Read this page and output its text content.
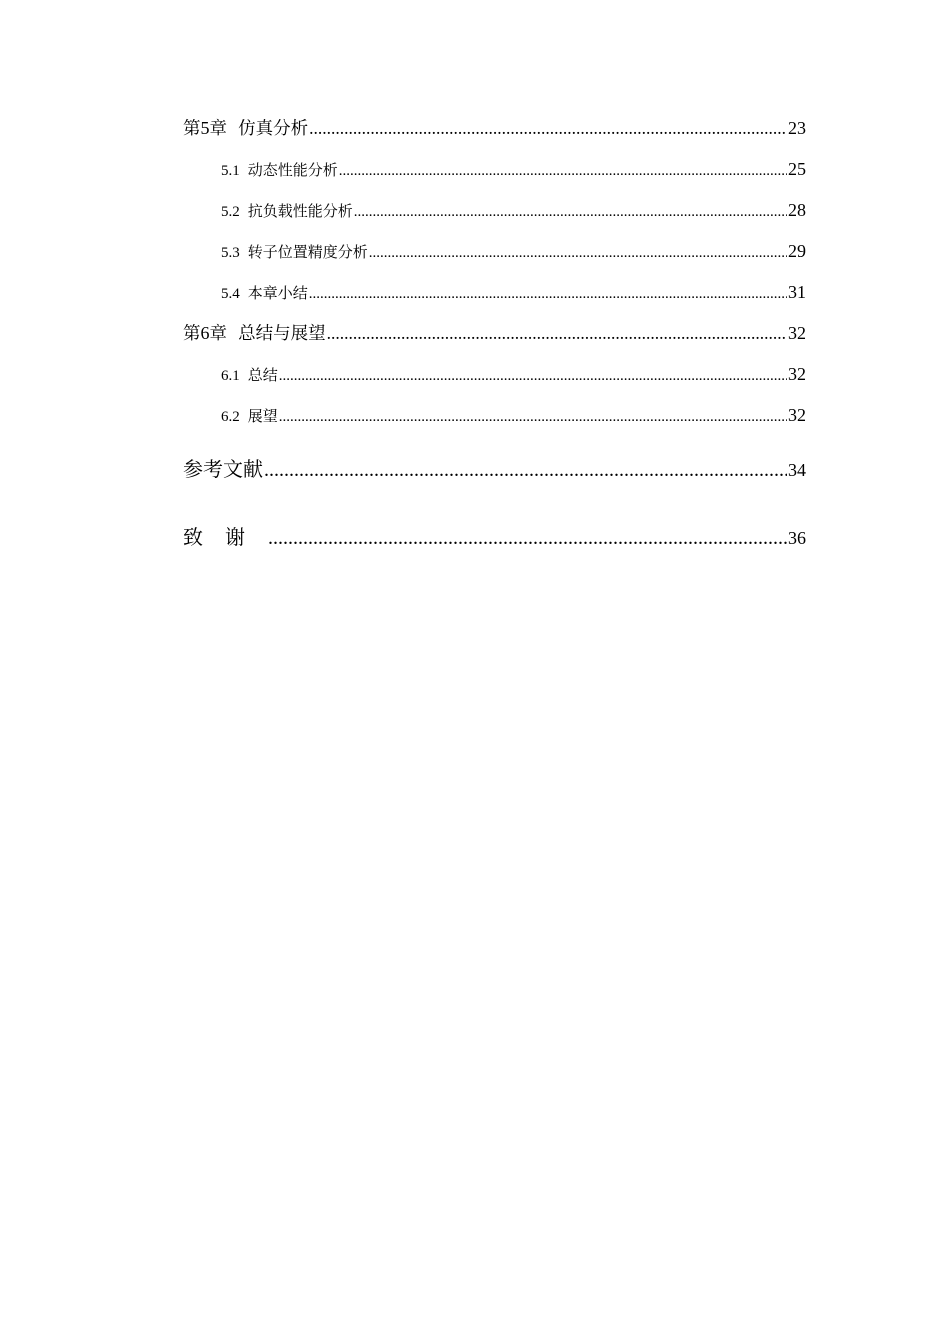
第5章  仿真分析 .....	23
5.1 动态性能分析 .....	25
5.2 抗负载性能分析 .....	28
5.3 转子位置精度分析 .....	29
5.4 本章小结 .....	31
第6章  总结与展望 .....	32
6.1 总结 .....	32
6.2 展望 .....	32
参考文献 .....	34
致谢 .....	36
